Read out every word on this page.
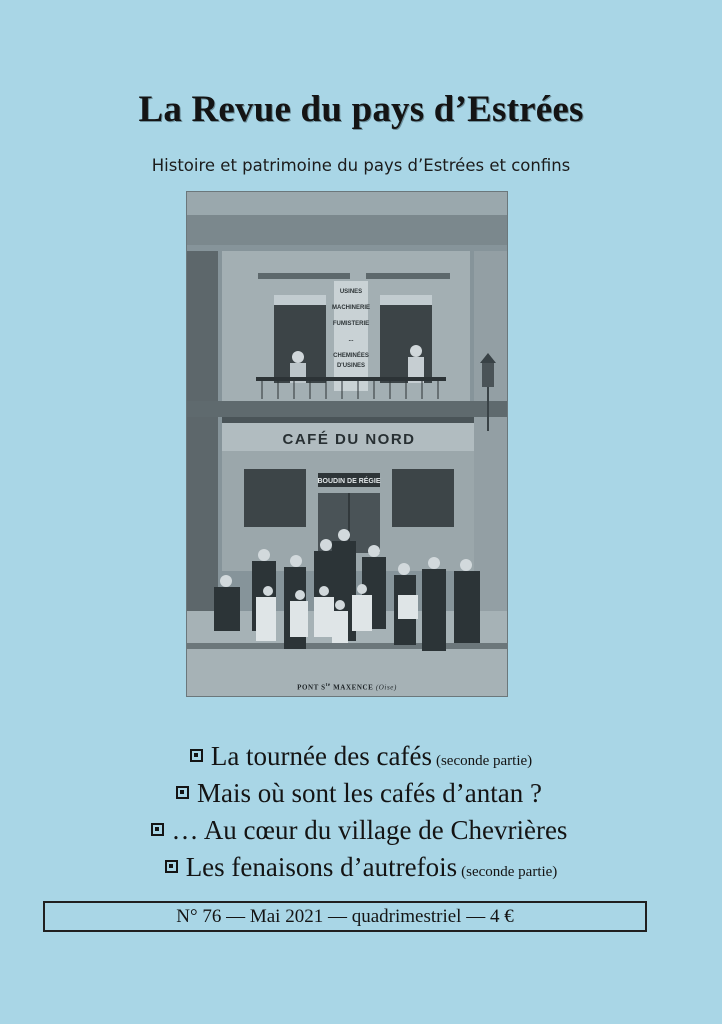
La Revue du pays d’Estrées
Histoire et patrimoine du pays d’Estrées et confins
CAFÉ DU NORD
BOUDIN DE RÉGIE
USINES
MACHINERIE
FUMISTERIE
...
CHEMINÉES
D'USINES
PONT $S^{te}$ MAXENCE (Oise)
La tournée des cafés (seconde partie)
Mais où sont les cafés d’antan ?
… Au cœur du village de Chevrières
Les fenaisons d’autrefois (seconde partie)
N° 76 — Mai 2021 — quadrimestriel — 4 €
